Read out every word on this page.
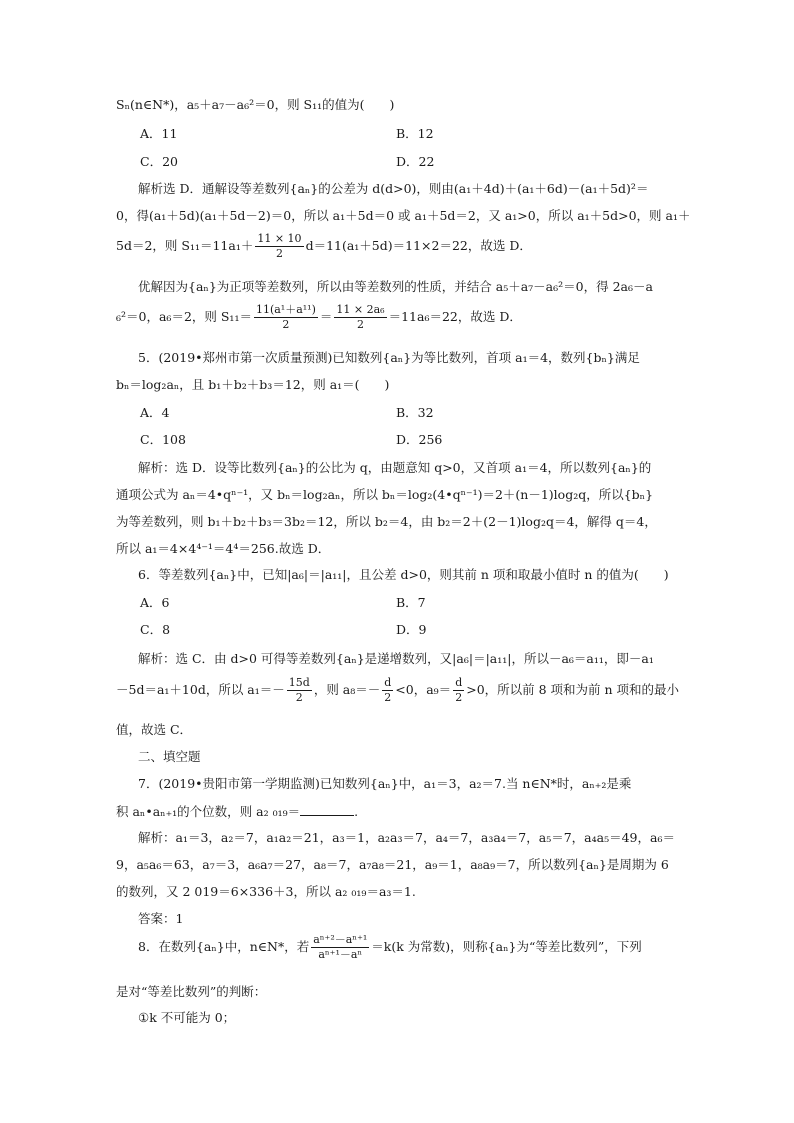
Sₙ(n∈N*)，a₅＋a₇－a₆²＝0，则 S₁₁的值为(　　)
A．11	B．12
C．20	D．22
解析选 D．通解设等差数列{aₙ}的公差为 d(d>0)，则由(a₁＋4d)＋(a₁＋6d)－(a₁＋5d)²＝
0，得(a₁＋5d)(a₁＋5d－2)＝0，所以 a₁＋5d＝0 或 a₁＋5d＝2，又 a₁>0，所以 a₁＋5d>0，则 a₁＋
5d＝2，则 $S_{11}=11a_1+ \frac{11 \times 10}{2} d=11(a_1+5d)=11\times 2=22$，故选 D．
优解因为{aₙ}为正项等差数列，所以由等差数列的性质，并结合 a₅＋a₇－a₆²＝0，得 2a₆－a
₆²＝0，a₆＝2，则 $S_{11}= \frac{\text{11(a¹＋a¹¹)}}{2} = \frac{\text{11 × 2a₆}}{2} =11a_6=22$，故选 D．
5．(2019•郑州市第一次质量预测)已知数列{aₙ}为等比数列，首项 a₁＝4，数列{bₙ}满足
bₙ＝log₂aₙ，且 b₁＋b₂＋b₃＝12，则 a₁＝(　　)
A．4	B．32
C．108	D．256
解析：选 D．设等比数列{aₙ}的公比为 q，由题意知 q>0，又首项 a₁＝4，所以数列{aₙ}的
通项公式为 aₙ＝4•qⁿ⁻¹，又 bₙ＝log₂aₙ，所以 bₙ＝log₂(4•qⁿ⁻¹)＝2＋(n－1)log₂q，所以{bₙ}
为等差数列，则 b₁＋b₂＋b₃＝3b₂＝12，所以 b₂＝4，由 b₂＝2＋(2－1)log₂q＝4，解得 q＝4，
所以 a₁＝4×4⁴⁻¹＝4⁴＝256.故选 D．
6．等差数列{aₙ}中，已知|a₆|＝|a₁₁|，且公差 d>0，则其前 n 项和取最小值时 n 的值为(　　)
A．6	B．7
C．8	D．9
解析：选 C．由 d>0 可得等差数列{aₙ}是递增数列，又|a₆|＝|a₁₁|，所以－a₆＝a₁₁，即－a₁
－5d＝a₁＋10d，所以 $a_1=- \frac{15d}{2}$ ，则 $a_8=- \frac{d}{2} <0$，$a_9= \frac{d}{2} >0$，所以前 8 项和为前 n 项和的最小
值，故选 C．
二、填空题
7．(2019•贵阳市第一学期监测)已知数列{aₙ}中，a₁＝3，a₂＝7.当 n∈N*时，aₙ₊₂是乘
积 aₙ•aₙ₊₁的个位数，则 a₂ ₀₁₉＝	.
解析：a₁＝3，a₂＝7，a₁a₂＝21，a₃＝1，a₂a₃＝7，a₄＝7，a₃a₄＝7，a₅＝7，a₄a₅＝49，a₆＝
9，a₅a₆＝63，a₇＝3，a₆a₇＝27，a₈＝7，a₇a₈＝21，a₉＝1，a₈a₉＝7，所以数列{aₙ}是周期为 6
的数列，又 2 019＝6×336＋3，所以 a₂ ₀₁₉＝a₃＝1.
答案：1
8．在数列{aₙ}中，n∈N*，若 $\frac{\text{aⁿ⁺²－aⁿ⁺¹}}{\text{aⁿ⁺¹－aⁿ}} =k(k$ 为常数)，则称{aₙ}为“等差比数列”，下列
是对“等差比数列”的判断：
①k 不可能为 0；
